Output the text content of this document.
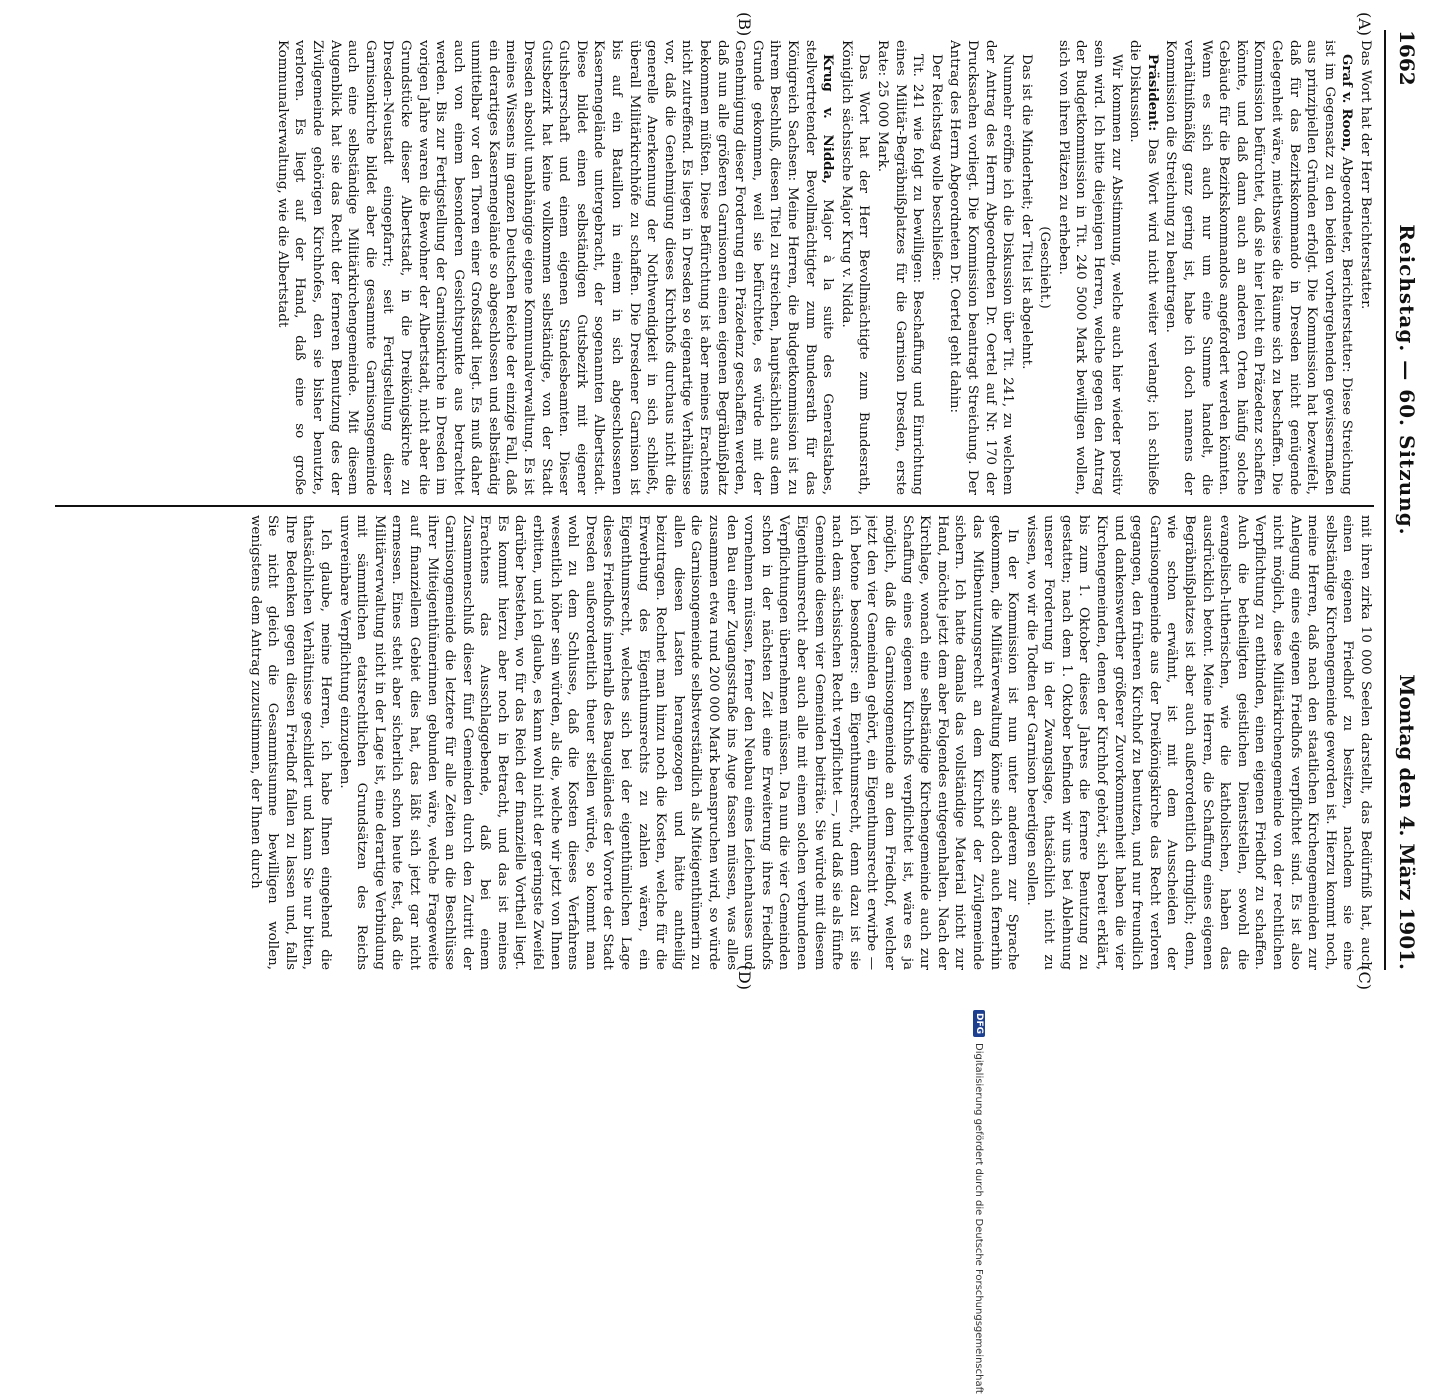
1662
Reichstag. — 60. Sitzung.
Montag den 4. März 1901.
(A)
(B)
(C)
(D)

Das Wort hat der Herr Berichterstatter.

Graf v. Roon, Abgeordneter, Berichterstatter: Diese Streichung ist im Gegensatz zu den beiden vorhergehenden gewissermaßen aus prinzipiellen Gründen erfolgt. Die Kommission hat bezweifelt, daß für das Bezirkskommando in Dresden nicht genügende Gelegenheit wäre, miethsweise die Räume sich zu beschaffen. Die Kommission befürchtet, daß sie hier leicht ein Präzedenz schaffen könnte, und daß dann auch an anderen Orten häufig solche Gebäude für die Bezirkskommandos angefordert werden könnten. Wenn es sich auch nur um eine Summe handelt, die verhältnißmäßig ganz gering ist, habe ich doch namens der Kommission die Streichung zu beantragen.

Präsident: Das Wort wird nicht weiter verlangt; ich schließe die Diskussion.

Wir kommen zur Abstimmung, welche auch hier wieder positiv sein wird. Ich bitte diejenigen Herren, welche gegen den Antrag der Budgetkommission in Tit. 240 5000 Mark bewilligen wollen, sich von ihren Plätzen zu erheben.

(Geschieht.)

Das ist die Minderheit; der Titel ist abgelehnt.

Nunmehr eröffne ich die Diskussion über Tit. 241, zu welchem der Antrag des Herrn Abgeordneten Dr. Oertel auf Nr. 170 der Drucksachen vorliegt. Die Kommission beantragt Streichung. Der Antrag des Herrn Abgeordneten Dr. Oertel geht dahin:

Der Reichstag wolle beschließen:

Tit. 241 wie folgt zu bewilligen: Beschaffung und Einrichtung eines Militär-Begräbnißplatzes für die Garnison Dresden, erste Rate: 25 000 Mark.

Das Wort hat der Herr Bevollmächtigte zum Bundesrath, Königlich sächsische Major Krug v. Nidda.

Krug v. Nidda, Major à la suite des Generalstabes, stellvertretender Bevollmächtigter zum Bundesrath für das Königreich Sachsen: Meine Herren, die Budgetkommission ist zu ihrem Beschluß, diesen Titel zu streichen, hauptsächlich aus dem Grunde gekommen, weil sie befürchtete, es würde mit der Genehmigung dieser Forderung ein Präzedenz geschaffen werden, daß nun alle größeren Garnisonen einen eigenen Begräbnißplatz bekommen müßten. Diese Befürchtung ist aber meines Erachtens nicht zutreffend. Es liegen in Dresden so eigenartige Verhältnisse vor, daß die Genehmigung dieses Kirchhofs durchaus nicht die generelle Anerkennung der Nothwendigkeit in sich schließt, überall Militärkirchhöfe zu schaffen. Die Dresdener Garnison ist bis auf ein Bataillon in einem in sich abgeschlossenen Kasernengelände untergebracht, der sogenannten Albertstadt. Diese bildet einen selbständigen Gutsbezirk mit eigener Gutsherrschaft und einem eigenen Standesbeamten. Dieser Gutsbezirk hat keine vollkommen selbständige, von der Stadt Dresden absolut unabhängige eigene Kommunalverwaltung. Es ist meines Wissens im ganzen Deutschen Reiche der einzige Fall, daß ein derartiges Kasernengelände so abgeschlossen und selbständig unmittelbar vor den Thoren einer Großstadt liegt. Es muß daher auch von einem besonderen Gesichtspunkte aus betrachtet werden. Bis zur Fertigstellung der Garnisonkirche in Dresden im vorigen Jahre waren die Bewohner der Albertstadt, nicht aber die Grundstücke dieser Albertstadt, in die Dreikönigskirche zu Dresden-Neustadt eingepfarrt; seit Fertigstellung dieser Garnisonkirche bildet aber die gesammte Garnisonsgemeinde auch eine selbständige Militärkirchengemeinde. Mit diesem Augenblick hat sie das Recht der ferneren Benutzung des der Zivilgemeinde gehörigen Kirchhofes, den sie bisher benutzte, verloren. Es liegt auf der Hand, daß eine so große Kommunalverwaltung, wie die Albertstadt

mit ihren zirka 10 000 Seelen darstellt, das Bedürfniß hat, auch einen eigenen Friedhof zu besitzen, nachdem sie eine selbständige Kirchengemeinde geworden ist. Hierzu kommt noch, meine Herren, daß nach den staatlichen Kirchengemeinden zur Anlegung eines eigenen Friedhofs verpflichtet sind. Es ist also nicht möglich, diese Militärkirchengemeinde von der rechtlichen Verpflichtung zu entbinden, einen eigenen Friedhof zu schaffen. Auch die betheiligten geistlichen Dienststellen, sowohl die evangelisch-lutherischen, wie die katholischen, haben das ausdrücklich betont. Meine Herren, die Schaffung eines eigenen Begräbnißplatzes ist aber auch außerordentlich dringlich; denn, wie schon erwähnt, ist mit dem Ausscheiden der Garnisongemeinde aus der Dreikönigskirche das Recht verloren gegangen, den früheren Kirchhof zu benutzen, und nur freundlich und dankenswerther größerer Zuvorkommenheit haben die vier Kirchengemeinden, denen der Kirchhof gehört, sich bereit erklärt, bis zum 1. Oktober dieses Jahres die fernere Benutzung zu gestatten; nach dem 1. Oktober befinden wir uns bei Ablehnung unserer Forderung in der Zwangslage, thatsächlich nicht zu wissen, wo wir die Todten der Garnison beerdigen sollen.

In der Kommission ist nun unter anderem zur Sprache gekommen, die Militärverwaltung könne sich doch auch fernerhin das Mitbenutzungsrecht an dem Kirchhof der Zivilgemeinde sichern. Ich hatte damals das vollständige Material nicht zur Hand, möchte jetzt dem aber Folgendes entgegenhalten. Nach der Kirchlage, wonach eine selbständige Kirchengemeinde auch zur Schaffung eines eigenen Kirchhofs verpflichtet ist, wäre es ja möglich, daß die Garnisongemeinde an dem Friedhof, welcher jetzt den vier Gemeinden gehört, ein Eigenthumsrecht erwirbe — ich betone besonders: ein Eigenthumsrecht, denn dazu ist sie nach dem sächsischen Recht verpflichtet —, und daß sie als fünfte Gemeinde diesem vier Gemeinden beiträte. Sie würde mit diesem Eigenthumsrecht aber auch alle mit einem solchen verbundenen Verpflichtungen übernehmen müssen. Da nun die vier Gemeinden schon in der nächsten Zeit eine Erweiterung ihres Friedhofs vornehmen müssen, ferner den Neubau eines Leichenhauses und den Bau einer Zugangsstraße ins Auge fassen müssen, was alles zusammen etwa rund 200 000 Mark beanspruchen wird, so würde die Garnisongemeinde selbstverständlich als Miteigenthümerin zu allen diesen Lasten herangezogen und hätte antheilig beizutragen. Rechnet man hinzu noch die Kosten, welche für die Erwerbung des Eigenthumsrechts zu zahlen wären, ein Eigenthumsrecht, welches sich bei der eigenthümlichen Lage dieses Friedhofs innerhalb des Baugeländes der Vororte der Stadt Dresden außerordentlich theuer stellen würde, so kommt man wohl zu dem Schlusse, daß die Kosten dieses Verfahrens wesentlich höher sein würden, als die, welche wir jetzt von Ihnen erbitten, und ich glaube, es kann wohl nicht der geringste Zweifel darüber bestehen, wo für das Reich der finanzielle Vortheil liegt. Es kommt hierzu aber noch in Betracht, und das ist meines Erachtens das Ausschlaggebende, daß bei einem Zusammenschluß dieser fünf Gemeinden durch den Zutritt der Garnisongemeinde die letztere für alle Zeiten an die Beschlüsse ihrer Miteigenthümerinnen gebunden wäre, welche Frageweite auf finanziellem Gebiet dies hat, das läßt sich jetzt gar nicht ermessen. Eines steht aber sicherlich schon heute fest, daß die Militärverwaltung nicht in der Lage ist, eine derartige Verbindung mit sämmtlichen etatsrechtlichen Grundsätzen des Reichs unvereinbare Verpflichtung einzugehen.

Ich glaube, meine Herren, ich habe Ihnen eingehend die thatsächlichen Verhältnisse geschildert und kann Sie nur bitten, Ihre Bedenken gegen diesen Friedhof fallen zu lassen und, falls Sie nicht gleich die Gesammtsumme bewilligen wollen, wenigstens dem Antrag zuzustimmen, der Ihnen durch

DFG
Digitalisierung gefördert durch die Deutsche Forschungsgemeinschaft
